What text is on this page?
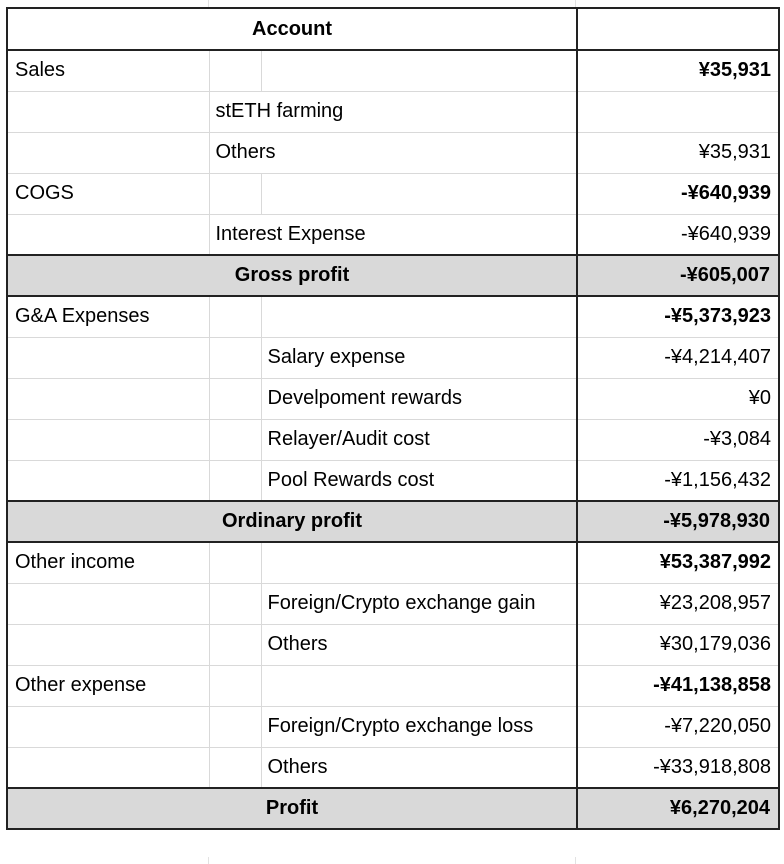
Account			
Sales			¥35,931
	stETH farming		
	Others		¥35,931
COGS			-¥640,939
	Interest Expense		-¥640,939
Gross profit			-¥605,007
G&A Expenses			-¥5,373,923
		Salary expense	-¥4,214,407
		Develpoment rewards	¥0
		Relayer/Audit cost	-¥3,084
		Pool Rewards cost	-¥1,156,432
Ordinary profit			-¥5,978,930
Other income			¥53,387,992
		Foreign/Crypto exchange gain	¥23,208,957
		Others	¥30,179,036
Other expense			-¥41,138,858
		Foreign/Crypto exchange loss	-¥7,220,050
		Others	-¥33,918,808
Profit			¥6,270,204
